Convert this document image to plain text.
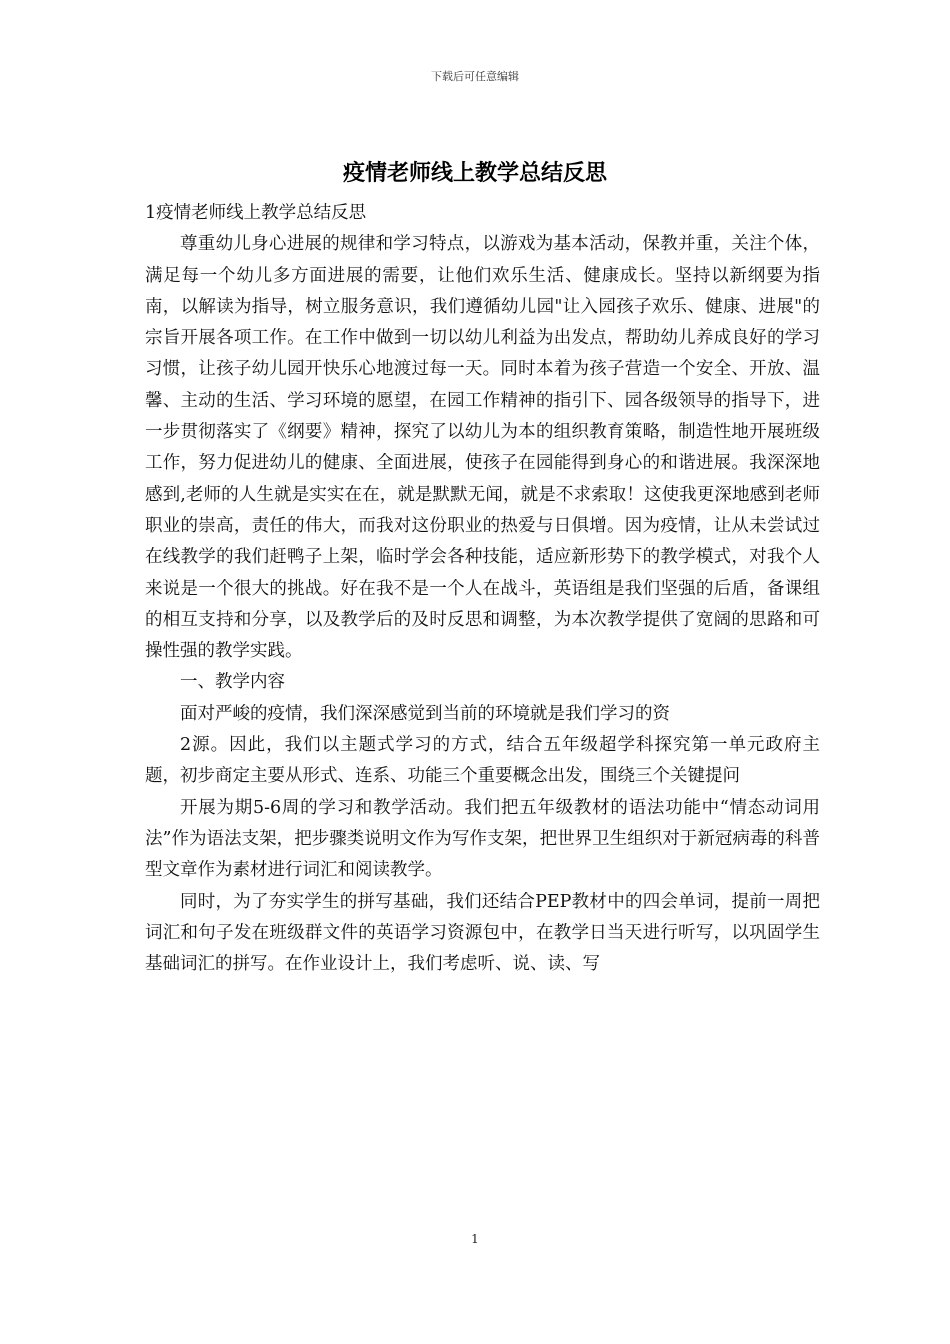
下载后可任意编辑
疫情老师线上教学总结反思

1疫情老师线上教学总结反思

尊重幼儿身心进展的规律和学习特点，以游戏为基本活动，保教并重，关注个体，满足每一个幼儿多方面进展的需要，让他们欢乐生活、健康成长。坚持以新纲要为指南，以解读为指导，树立服务意识，我们遵循幼儿园"让入园孩子欢乐、健康、进展"的宗旨开展各项工作。在工作中做到一切以幼儿利益为出发点，帮助幼儿养成良好的学习习惯，让孩子幼儿园开快乐心地渡过每一天。同时本着为孩子营造一个安全、开放、温馨、主动的生活、学习环境的愿望，在园工作精神的指引下、园各级领导的指导下，进一步贯彻落实了《纲要》精神，探究了以幼儿为本的组织教育策略，制造性地开展班级工作，努力促进幼儿的健康、全面进展，使孩子在园能得到身心的和谐进展。我深深地感到,老师的人生就是实实在在，就是默默无闻，就是不求索取！这使我更深地感到老师职业的崇高，责任的伟大，而我对这份职业的热爱与日俱增。因为疫情，让从未尝试过在线教学的我们赶鸭子上架，临时学会各种技能，适应新形势下的教学模式，对我个人来说是一个很大的挑战。好在我不是一个人在战斗，英语组是我们坚强的后盾，备课组的相互支持和分享，以及教学后的及时反思和调整，为本次教学提供了宽阔的思路和可操性强的教学实践。

一、教学内容

面对严峻的疫情，我们深深感觉到当前的环境就是我们学习的资

2源。因此，我们以主题式学习的方式，结合五年级超学科探究第一单元政府主题，初步商定主要从形式、连系、功能三个重要概念出发，围绕三个关键提问

开展为期5-6周的学习和教学活动。我们把五年级教材的语法功能中“情态动词用法”作为语法支架，把步骤类说明文作为写作支架，把世界卫生组织对于新冠病毒的科普型文章作为素材进行词汇和阅读教学。

同时，为了夯实学生的拼写基础，我们还结合PEP教材中的四会单词，提前一周把词汇和句子发在班级群文件的英语学习资源包中，在教学日当天进行听写，以巩固学生基础词汇的拼写。在作业设计上，我们考虑听、说、读、写

1
